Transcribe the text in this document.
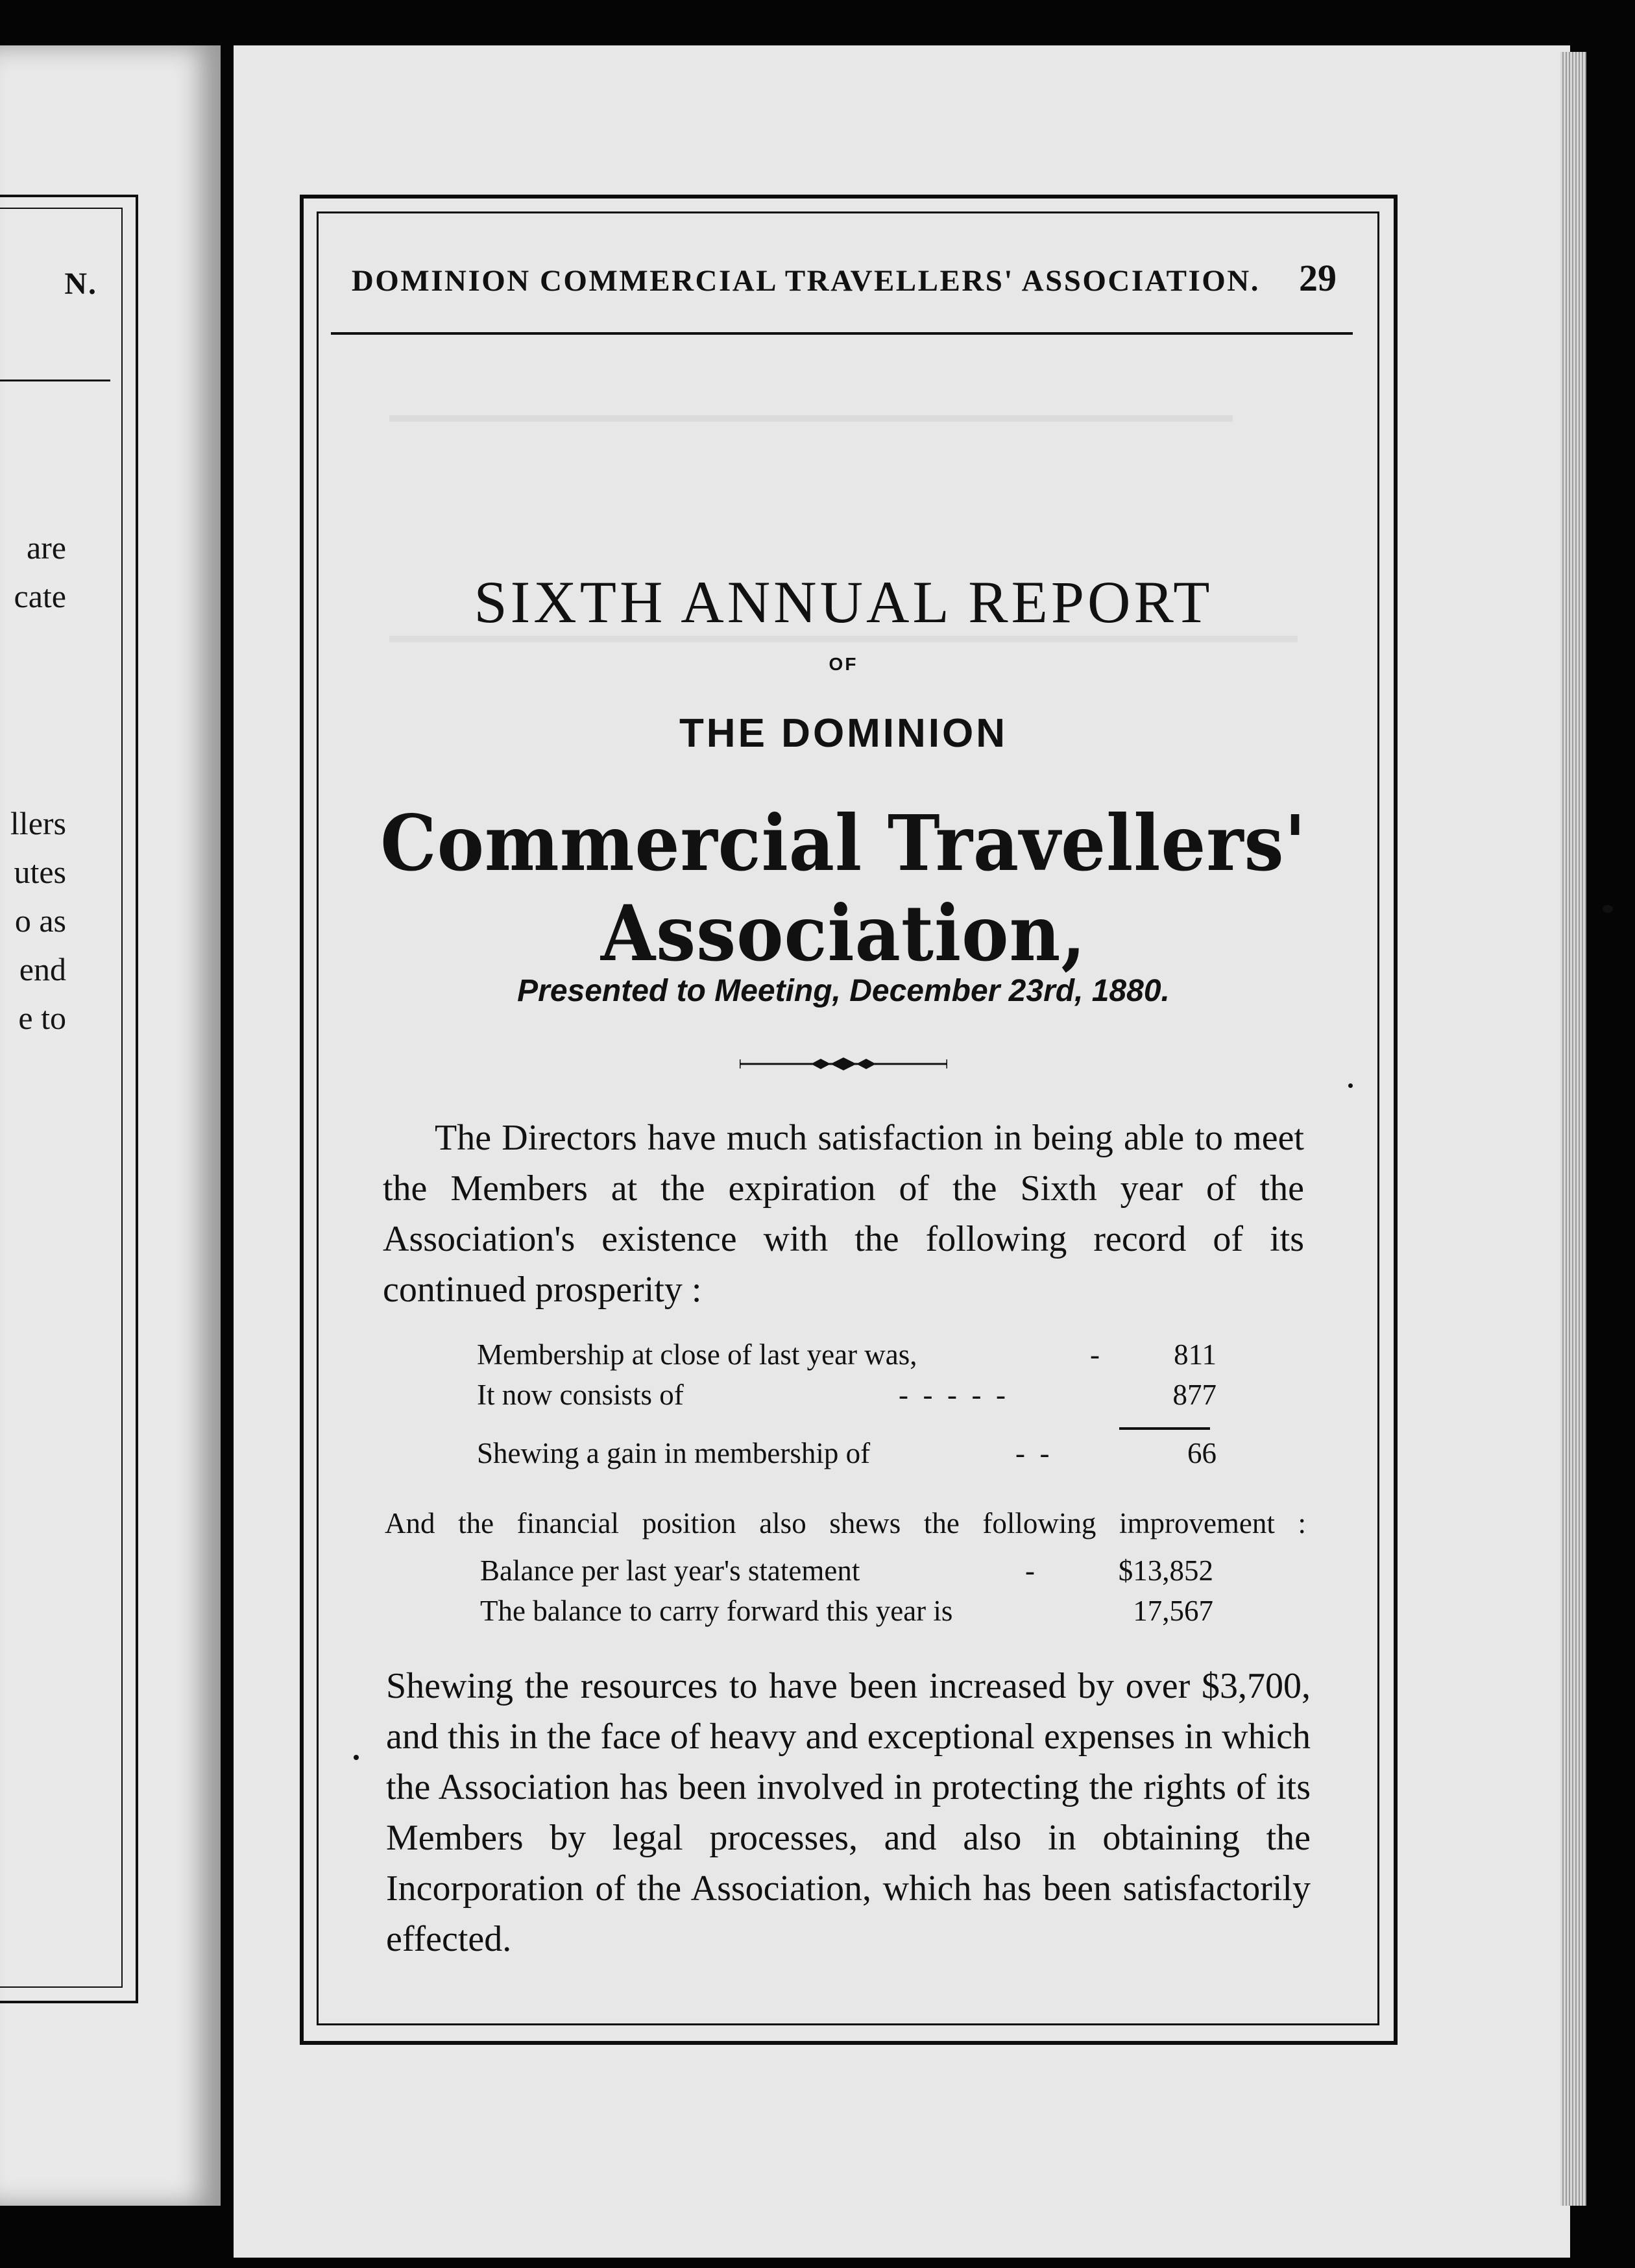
N.
are
cate
llers
utes
o as
end
e to
DOMINION COMMERCIAL TRAVELLERS' ASSOCIATION. 29
SIXTH ANNUAL REPORT
OF
THE DOMINION
Commercial Travellers' Association,
Presented to Meeting, December 23rd, 1880.
The Directors have much satisfaction in being able to meet the Members at the expiration of the Sixth year of the Association's existence with the following record of its continued prosperity :
Membership at close of last year was,	-	811
It now consists of	-  -  -  -  -	877
Shewing a gain in membership of	-  -	66
And the financial position also shews the following improvement :
Balance per last year's statement	-	$13,852
The balance to carry forward this year is	17,567
Shewing the resources to have been increased by over $3,700, and this in the face of heavy and exceptional expenses in which the Association has been involved in protecting the rights of its Members by legal processes, and also in obtaining the Incorporation of the Association, which has been satisfactorily effected.
